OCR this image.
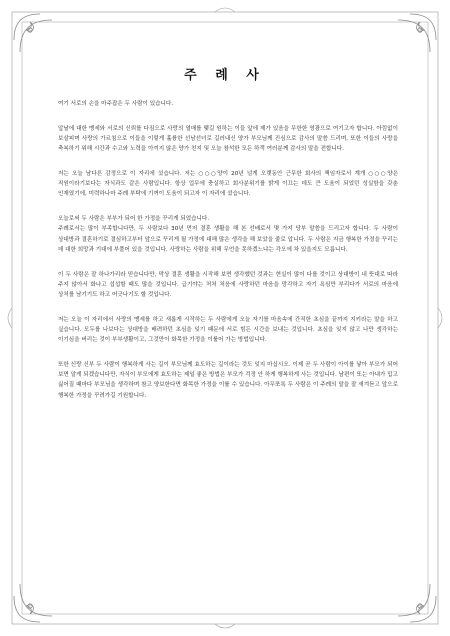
주 례 사

여기 서로의 손을 마주잡은 두 사람이 있습니다.

앞날에 대한 맹세와 서로의 신뢰를 다짐으로 사랑의 열매를 맺길 원하는 이들 앞에 제가 있음을 무한한 영광으로 여기고자 합니다. 아낌없이 보살피며 사랑의 가르침으로 이들을 이렇게 훌륭한 선남선녀로 길러내신 양가 부모님께 진심으로 감사의 말씀 드리며, 또한 이들의 사랑을 축복하기 위해 시간과 수고와 노력을 아끼지 않은 양가 친지 및 오늘 참석한 모든 하객 여러분께 감사의 말을 전합니다.

저는 오늘 남다른 감정으로 이 자리에 섰습니다. 저는 ○○○양이 20년 넘게 오랫동안 근무한 회사의 책임자로서 계개 ○○○양은 직원이라기보다는 자식과도 같은 사람입니다. 항상 업무에 충실하고 회사분위기를 밝게 이끄는 데도 큰 도움이 되었던 성실함을 갖춘 인재였기에, 미력하나마 주례 부탁에 기꺼이 도움이 되고자 이 자리에 섰습니다.

오늘로써 두 사람은 부부가 되어 한 가정을 꾸리게 되었습니다.

주례로서는 많이 부족합니다만, 두 사람보다 30년 먼저 결혼 생활을 해 본 선배로서 몇 가지 당부 말씀을 드리고자 합니다. 두 사람이 상대방과 결혼하기로 결심하고부터 앞으로 꾸리게 될 가정에 대해 많은 생각을 해 보았을 줄로 압니다. 두 사람은 지금 행복한 가정을 꾸리는 데 대한 희망과 기대에 부풀어 있을 것입니다. 사랑하는 사람을 위해 무언을 못하겠느냐는 각오에 차 있을지도 모릅니다.

이 두 사람은 잘 하나가리라 믿습니다만, 막상 결혼 생활을 시작해 보면 생각했던 것과는 현실이 많이 다를 것이고 상대방이 내 뜻대로 따라 주지 않아서 화나고 섭섭할 때도 많을 것입니다. 급기야는 처처 처음에 사랑하던 마음을 망각하고 자기 욕심만 부리다가 서로의 마음에 상처를 남기기도 하고 어긋나기도 할 것입니다.

저는 오늘 이 자리에서 사랑의 맹세를 하고 새롭게 시작하는 두 사람에게 오늘 자기를 마음속에 간직한 초심을 끝까지 지키라는 말을 하고 싶습니다. 모두를 나보다는 상대방을 배려하던 초심을 잊기 때문에 서로 힘든 시간을 보내는 것입니다. 초심을 잊지 않고 나만 생각하는 이기심을 버리는 것이 부부생활이고, 그것만이 화목한 가정을 이룰어 가는 방법입니다.

또한 신랑 신부 두 사람이 행복하게 사는 길이 부모님께 효도하는 길이라는 것도 잊지 마십시오. 이제 곧 두 사람이 아이를 낳아 부모가 되어 보면 알게 되겠습니다만, 자식이 부모에게 효도하는 제일 좋은 방법은 부모가 걱정 안 하게 행복하게 사는 것입니다. 남편이 또는 아내가 밉고 싫어질 때마다 부모님을 생각하며 참고 양보한다면 화목한 가정을 이룰 수 있습니다. 아무쪼록 두 사람은 이 주례의 말을 잘 새겨듣고 앞으로 행복한 가정을 꾸려가길 기원합니다.
